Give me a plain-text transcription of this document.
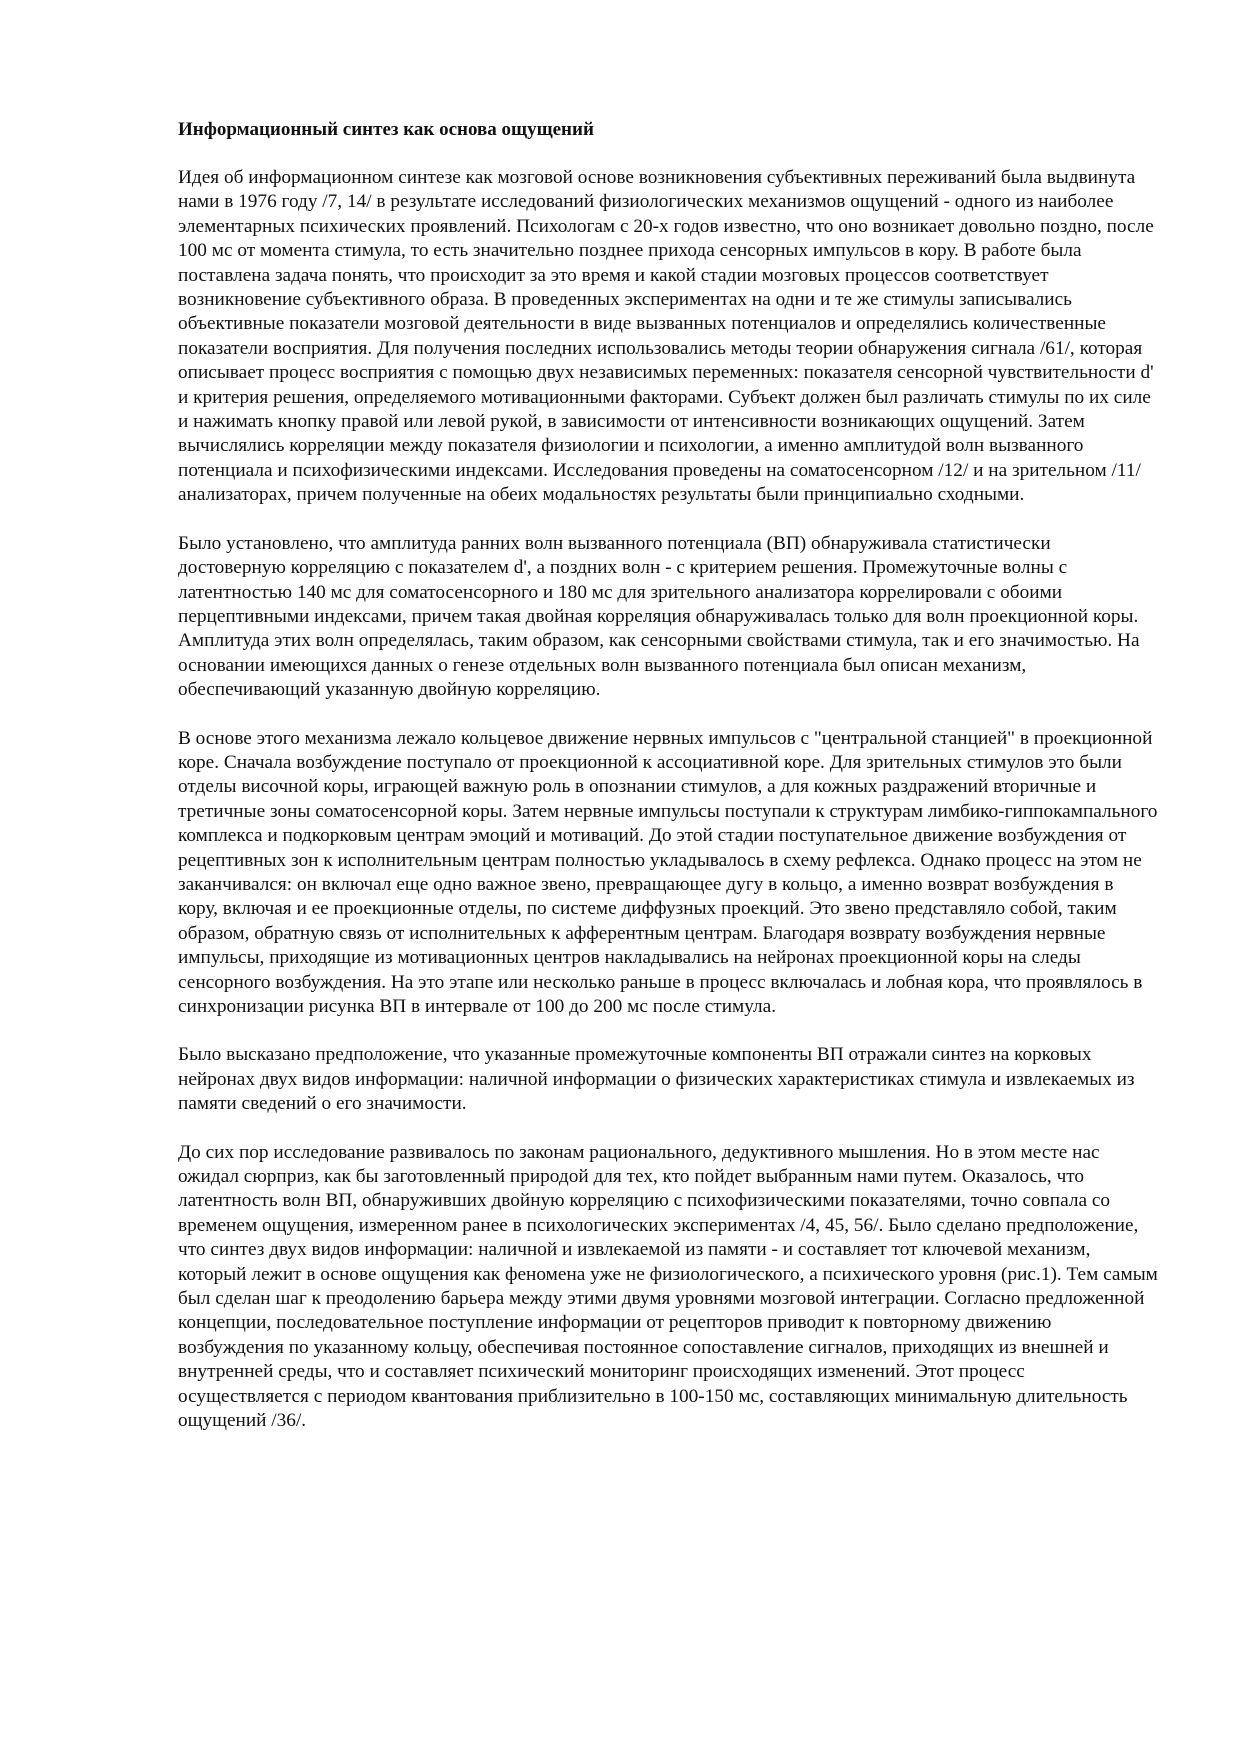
Информационный синтез как основа ощущений

Идея об информационном синтезе как мозговой основе возникновения субъективных переживаний была выдвинута нами в 1976 году /7, 14/ в результате исследований физиологических механизмов ощущений - одного из наиболее элементарных психических проявлений. Психологам с 20-х годов известно, что оно возникает довольно поздно, после 100 мс от момента стимула, то есть значительно позднее прихода сенсорных импульсов в кору. В работе была поставлена задача понять, что происходит за это время и какой стадии мозговых процессов соответствует возникновение субъективного образа. В проведенных экспериментах на одни и те же стимулы записывались объективные показатели мозговой деятельности в виде вызванных потенциалов и определялись количественные показатели восприятия. Для получения последних использовались методы теории обнаружения сигнала /61/, которая описывает процесс восприятия с помощью двух независимых переменных: показателя сенсорной чувствительности d' и критерия решения, определяемого мотивационными факторами. Субъект должен был различать стимулы по их силе и нажимать кнопку правой или левой рукой, в зависимости от интенсивности возникающих ощущений. Затем вычислялись корреляции между показателя физиологии и психологии, а именно амплитудой волн вызванного потенциала и психофизическими индексами. Исследования проведены на соматосенсорном /12/ и на зрительном /11/ анализаторах, причем полученные на обеих модальностях результаты были принципиально сходными.

Было установлено, что амплитуда ранних волн вызванного потенциала (ВП) обнаруживала статистически достоверную корреляцию с показателем d', а поздних волн - с критерием решения. Промежуточные волны с латентностью 140 мс для соматосенсорного и 180 мс для зрительного анализатора коррелировали с обоими перцептивными индексами, причем такая двойная корреляция обнаруживалась только для волн проекционной коры. Амплитуда этих волн определялась, таким образом, как сенсорными свойствами стимула, так и его значимостью. На основании имеющихся данных о генезе отдельных волн вызванного потенциала был описан механизм, обеспечивающий указанную двойную корреляцию.

В основе этого механизма лежало кольцевое движение нервных импульсов с "центральной станцией" в проекционной коре. Сначала возбуждение поступало от проекционной к ассоциативной коре. Для зрительных стимулов это были отделы височной коры, играющей важную роль в опознании стимулов, а для кожных раздражений вторичные и третичные зоны соматосенсорной коры. Затем нервные импульсы поступали к структурам лимбико-гиппокампального комплекса и подкорковым центрам эмоций и мотиваций. До этой стадии поступательное движение возбуждения от рецептивных зон к исполнительным центрам полностью укладывалось в схему рефлекса. Однако процесс на этом не заканчивался: он включал еще одно важное звено, превращающее дугу в кольцо, а именно возврат возбуждения в кору, включая и ее проекционные отделы, по системе диффузных проекций. Это звено представляло собой, таким образом, обратную связь от исполнительных к афферентным центрам. Благодаря возврату возбуждения нервные импульсы, приходящие из мотивационных центров накладывались на нейронах проекционной коры на следы сенсорного возбуждения. На это этапе или несколько раньше в процесс включалась и лобная кора, что проявлялось в синхронизации рисунка ВП в интервале от 100 до 200 мс после стимула.

Было высказано предположение, что указанные промежуточные компоненты ВП отражали синтез на корковых нейронах двух видов информации: наличной информации о физических характеристиках стимула и извлекаемых из памяти сведений о его значимости.

До сих пор исследование развивалось по законам рационального, дедуктивного мышления. Но в этом месте нас ожидал сюрприз, как бы заготовленный природой для тех, кто пойдет выбранным нами путем. Оказалось, что латентность волн ВП, обнаруживших двойную корреляцию с психофизическими показателями, точно совпала со временем ощущения, измеренном ранее в психологических экспериментах /4, 45, 56/. Было сделано предположение, что синтез двух видов информации: наличной и извлекаемой из памяти - и составляет тот ключевой механизм, который лежит в основе ощущения как феномена уже не физиологического, а психического уровня (рис.1). Тем самым был сделан шаг к преодолению барьера между этими двумя уровнями мозговой интеграции. Согласно предложенной концепции, последовательное поступление информации от рецепторов приводит к повторному движению возбуждения по указанному кольцу, обеспечивая постоянное сопоставление сигналов, приходящих из внешней и внутренней среды, что и составляет психический мониторинг происходящих изменений. Этот процесс осуществляется с периодом квантования приблизительно в 100-150 мс, составляющих минимальную длительность ощущений /36/.
